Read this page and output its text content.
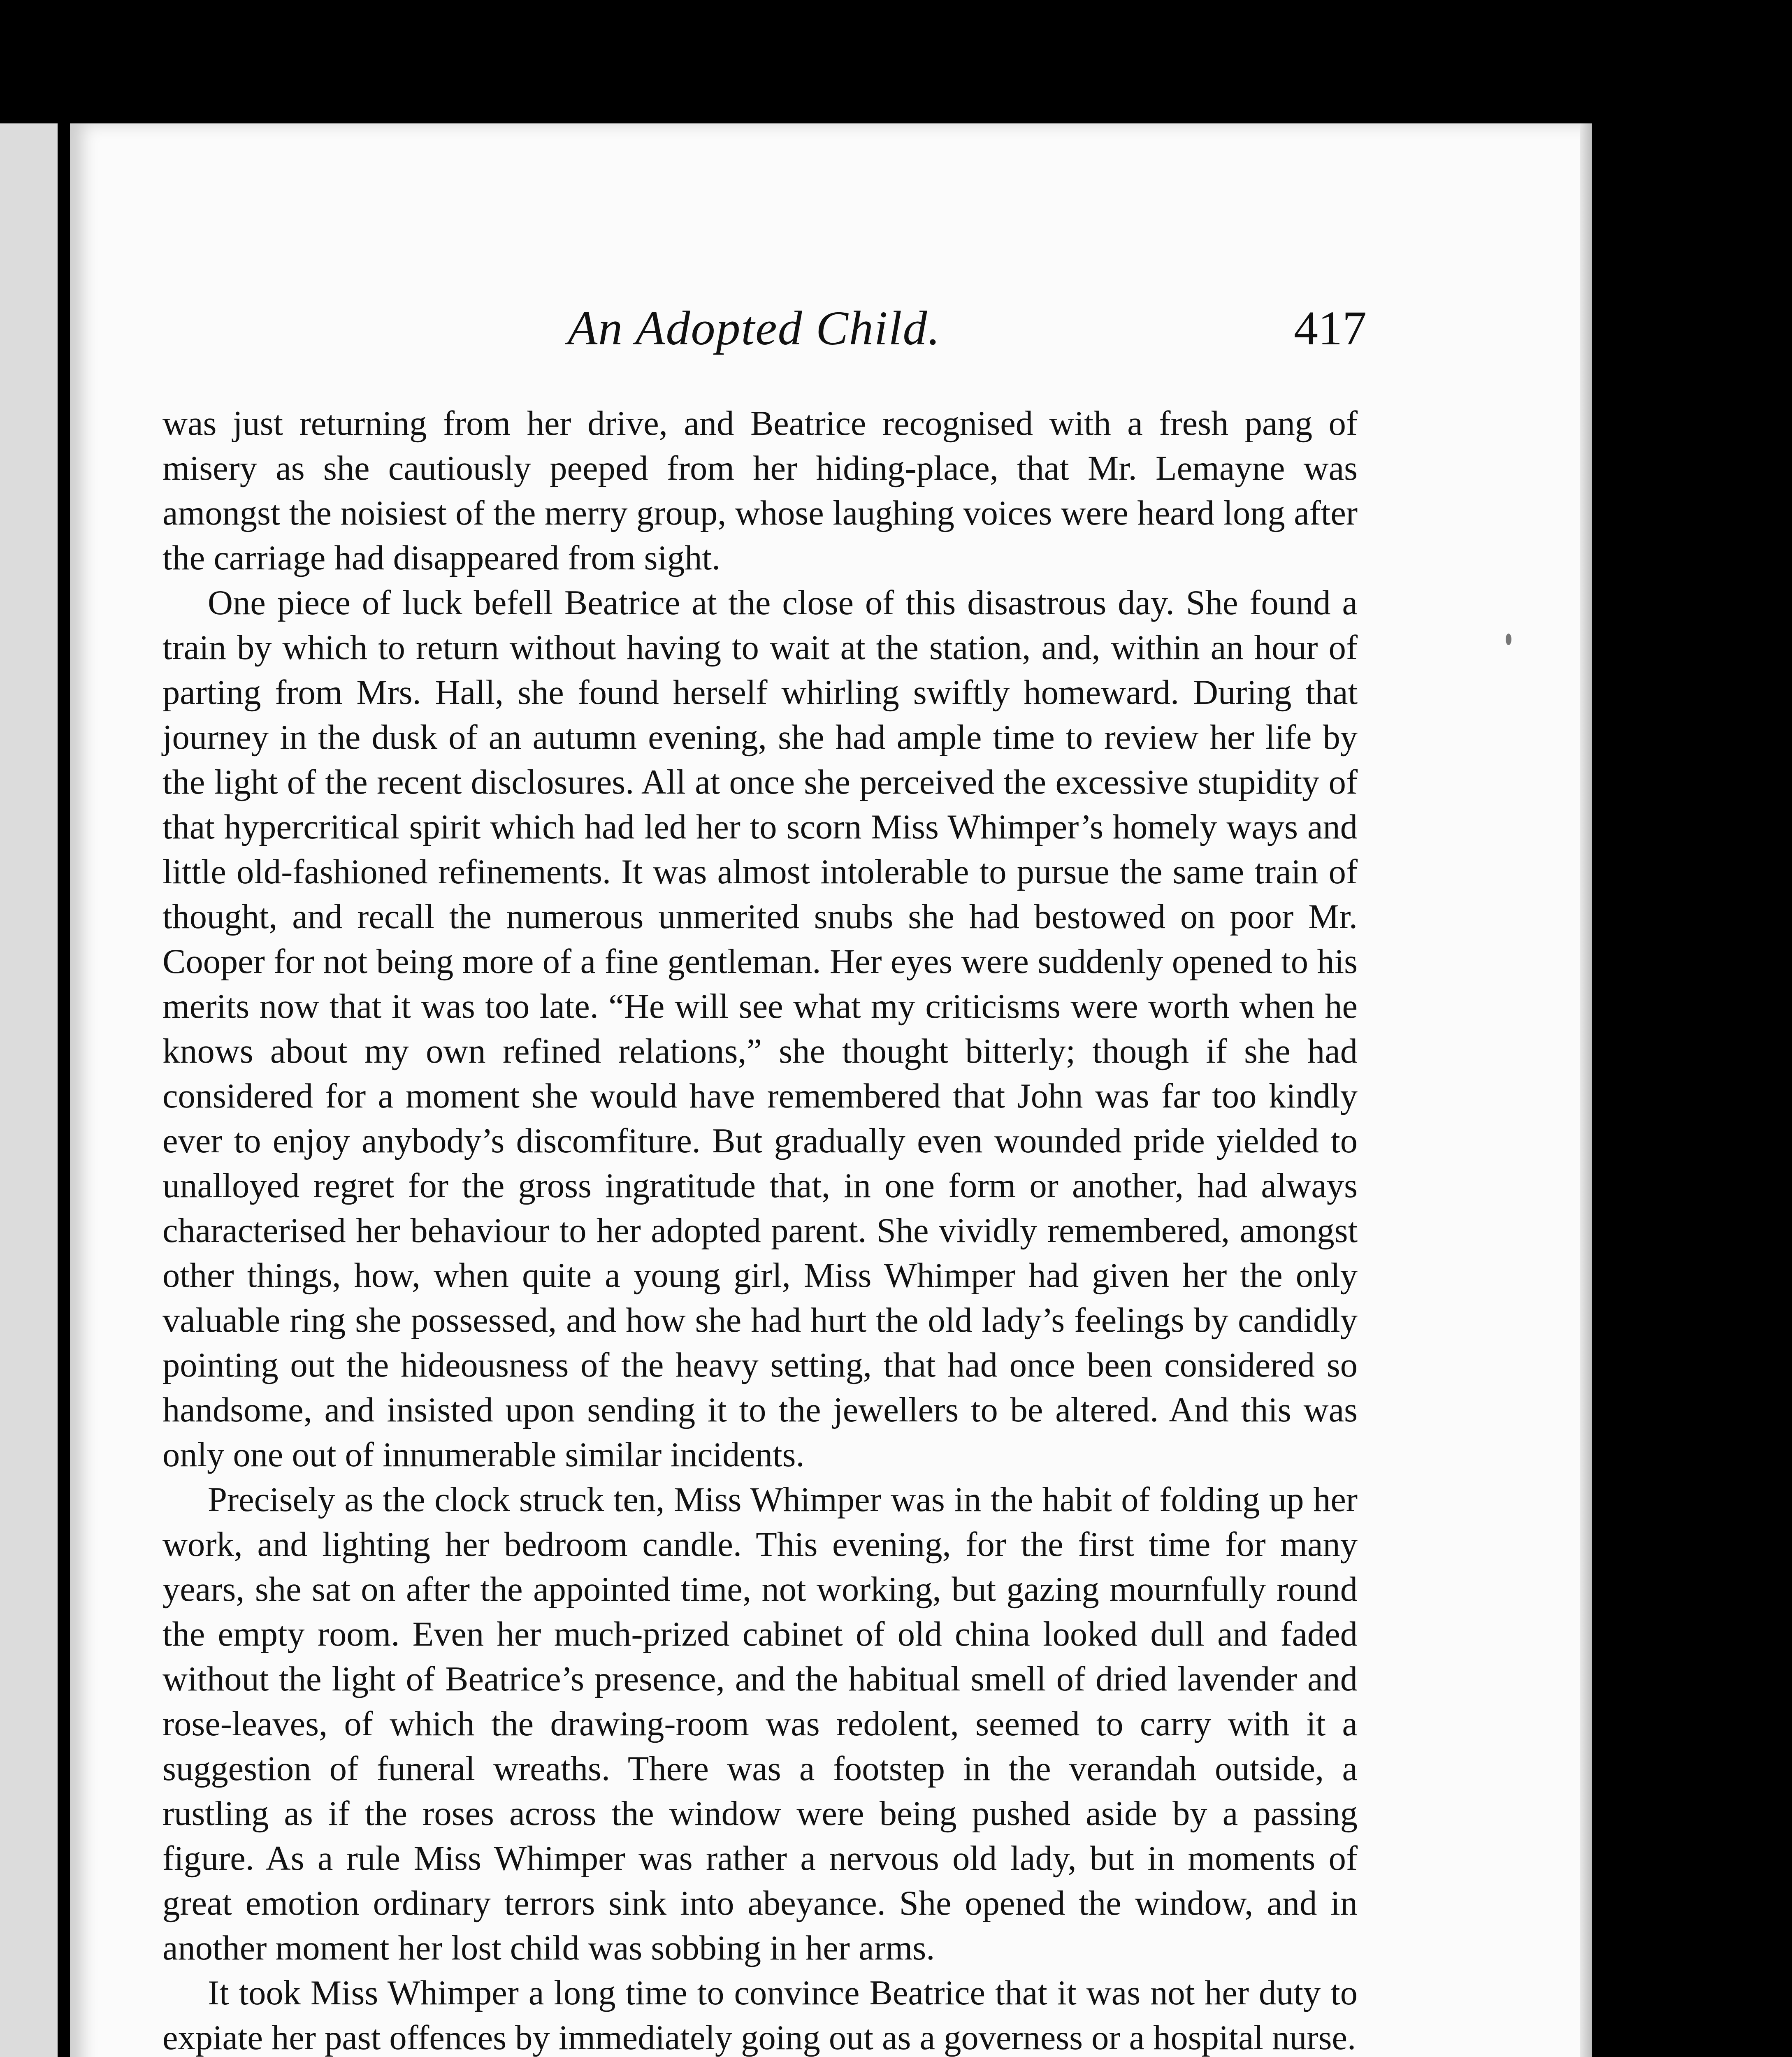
An Adopted Child.	417

was just returning from her drive, and Beatrice recognised with a fresh pang of misery as she cautiously peeped from her hiding-place, that Mr. Lemayne was amongst the noisiest of the merry group, whose laughing voices were heard long after the carriage had disappeared from sight.

One piece of luck befell Beatrice at the close of this disastrous day. She found a train by which to return without having to wait at the station, and, within an hour of parting from Mrs. Hall, she found herself whirling swiftly homeward. During that journey in the dusk of an autumn evening, she had ample time to review her life by the light of the recent disclosures. All at once she perceived the excessive stupidity of that hypercritical spirit which had led her to scorn Miss Whimper’s homely ways and little old-fashioned refinements. It was almost intolerable to pursue the same train of thought, and recall the numerous unmerited snubs she had bestowed on poor Mr. Cooper for not being more of a fine gentleman. Her eyes were suddenly opened to his merits now that it was too late. “He will see what my criticisms were worth when he knows about my own refined relations,” she thought bitterly; though if she had considered for a moment she would have remembered that John was far too kindly ever to enjoy anybody’s discomfiture. But gradually even wounded pride yielded to unalloyed regret for the gross ingratitude that, in one form or another, had always characterised her behaviour to her adopted parent. She vividly remembered, amongst other things, how, when quite a young girl, Miss Whimper had given her the only valuable ring she possessed, and how she had hurt the old lady’s feelings by candidly pointing out the hideousness of the heavy setting, that had once been considered so handsome, and insisted upon sending it to the jewellers to be altered. And this was only one out of innumerable similar incidents.

Precisely as the clock struck ten, Miss Whimper was in the habit of folding up her work, and lighting her bedroom candle. This evening, for the first time for many years, she sat on after the appointed time, not working, but gazing mournfully round the empty room. Even her much-prized cabinet of old china looked dull and faded without the light of Beatrice’s presence, and the habitual smell of dried lavender and rose-leaves, of which the drawing-room was redolent, seemed to carry with it a suggestion of funeral wreaths. There was a footstep in the verandah outside, a rustling as if the roses across the window were being pushed aside by a passing figure. As a rule Miss Whimper was rather a nervous old lady, but in moments of great emotion ordinary terrors sink into abeyance. She opened the window, and in another moment her lost child was sobbing in her arms.

It took Miss Whimper a long time to convince Beatrice that it was not her duty to expiate her past offences by immediately going out as a governess or a hospital nurse.
